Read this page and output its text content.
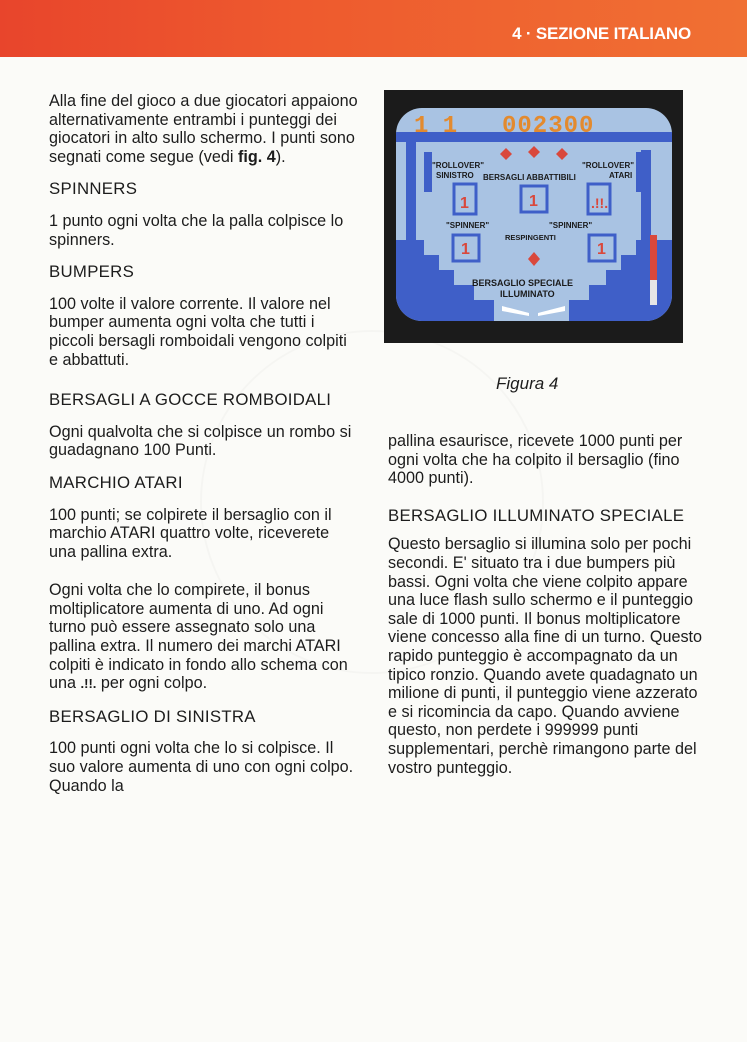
4 · SEZIONE ITALIANO

Alla fine del gioco a due giocatori appaiono alternativamente entrambi i punteggi dei giocatori in alto sullo schermo. I punti sono segnati come segue (vedi fig. 4).

SPINNERS

1 punto ogni volta che la palla colpisce lo spinners.

BUMPERS

100 volte il valore corrente. Il valore nel bumper aumenta ogni volta che tutti i piccoli bersagli romboidali vengono colpiti e abbattuti.

BERSAGLI A GOCCE ROMBOIDALI

Ogni qualvolta che si colpisce un rombo si guadagnano 100 Punti.

MARCHIO ATARI

100 punti; se colpirete il bersaglio con il marchio ATARI quattro volte, riceverete una pallina extra.

Ogni volta che lo compirete, il bonus moltiplicatore aumenta di uno. Ad ogni turno può essere assegnato solo una pallina extra. Il numero dei marchi ATARI colpiti è indicato in fondo allo schema con una .!!. per ogni colpo.

BERSAGLIO DI SINISTRA

100 punti ogni volta che lo si colpisce. Il suo valore aumenta di uno con ogni colpo. Quando la

pallina esaurisce, ricevete 1000 punti per ogni volta che ha colpito il bersaglio (fino 4000 punti).

BERSAGLIO ILLUMINATO SPECIALE

Questo bersaglio si illumina solo per pochi secondi. E' situato tra i due bumpers più bassi. Ogni volta che viene colpito appare una luce flash sullo schermo e il punteggio sale di 1000 punti. Il bonus moltiplicatore viene concesso alla fine di un turno. Questo rapido punteggio è accompagnato da un tipico ronzio. Quando avete quadagnato un milione di punti, il punteggio viene azzerato e si ricomincia da capo. Quando avviene questo, non perdete i 999999 punti supplementari, perchè rimangono parte del vostro punteggio.

1 1 002300
"ROLLOVER"
SINISTRO
"ROLLOVER"
ATARI
BERSAGLI ABBATTIBILI
1	1
1	1
.!!.
"SPINNER"	"SPINNER"
RESPINGENTI
BERSAGLIO SPECIALE
ILLUMINATO
Figura 4
